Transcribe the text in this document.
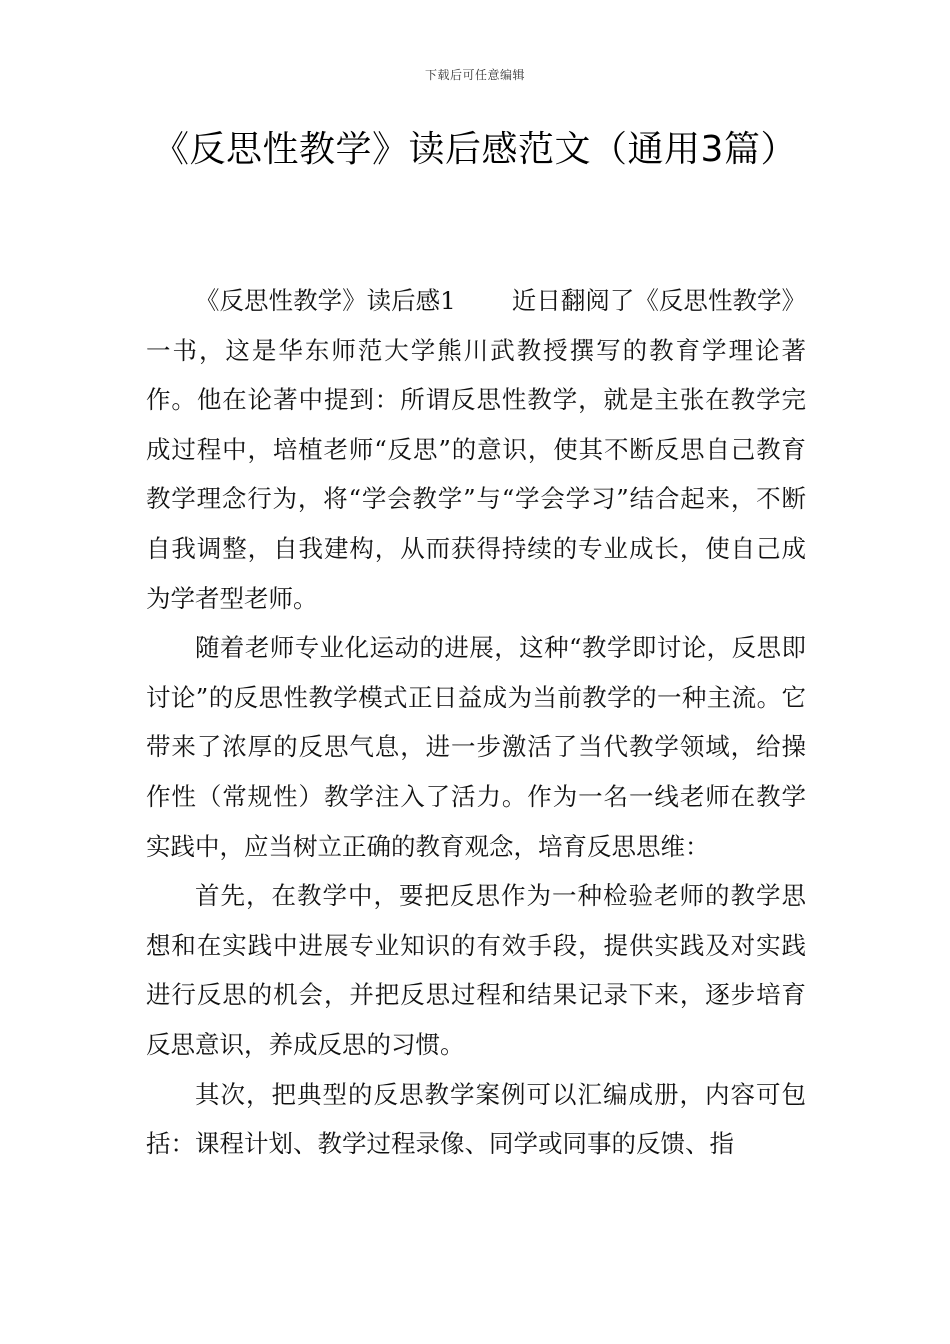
下载后可任意编辑
《反思性教学》读后感范文（通用3篇）

《反思性教学》读后感1 近日翻阅了《反思性教学》一书，这是华东师范大学熊川武教授撰写的教育学理论著作。他在论著中提到：所谓反思性教学，就是主张在教学完成过程中，培植老师“反思”的意识，使其不断反思自己教育教学理念行为，将“学会教学”与“学会学习”结合起来，不断自我调整，自我建构，从而获得持续的专业成长，使自己成为学者型老师。

随着老师专业化运动的进展，这种“教学即讨论，反思即讨论”的反思性教学模式正日益成为当前教学的一种主流。它带来了浓厚的反思气息，进一步激活了当代教学领域，给操作性（常规性）教学注入了活力。作为一名一线老师在教学实践中，应当树立正确的教育观念，培育反思思维：

首先，在教学中，要把反思作为一种检验老师的教学思想和在实践中进展专业知识的有效手段，提供实践及对实践进行反思的机会，并把反思过程和结果记录下来，逐步培育反思意识，养成反思的习惯。

其次，把典型的反思教学案例可以汇编成册，内容可包括：课程计划、教学过程录像、同学或同事的反馈、指
